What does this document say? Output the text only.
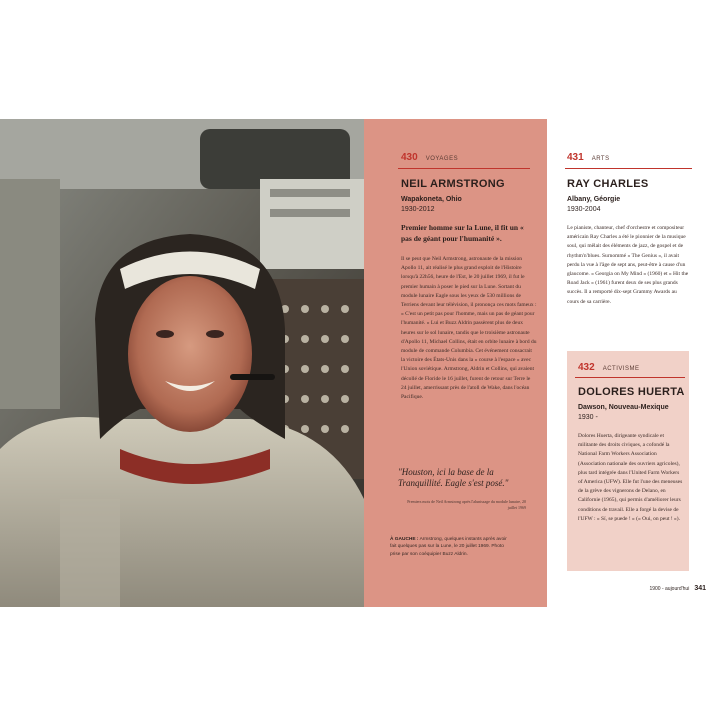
430 VOYAGES
NEIL ARMSTRONG
Wapakoneta, Ohio
1930-2012
Premier homme sur la Lune, il fit un « pas de géant pour l'humanité ».

Il se peut que Neil Armstrong, astronaute de la mission Apollo 11, ait réalisé le plus grand exploit de l'Histoire lorsqu'à 22h56, heure de l'Est, le 20 juillet 1969, il fut le premier humain à poser le pied sur la Lune. Sortant du module lunaire Eagle sous les yeux de 530 millions de Terriens devant leur télévision, il prononça ces mots fameux : « C'est un petit pas pour l'homme, mais un pas de géant pour l'humanité. » Lui et Buzz Aldrin passèrent plus de deux heures sur le sol lunaire, tandis que le troisième astronaute d'Apollo 11, Michael Collins, était en orbite lunaire à bord du module de commande Columbia. Cet événement consacrait la victoire des États-Unis dans la « course à l'espace » avec l'Union soviétique. Armstrong, Aldrin et Collins, qui avaient décollé de Floride le 16 juillet, furent de retour sur Terre le 24 juillet, amerrissant près de l'atoll de Wake, dans l'océan Pacifique.

"Houston, ici la base de la Tranquillité. Eagle s'est posé."

Premiers mots de Neil Armstrong après l'alunissage du module lunaire, 20 juillet 1969
À GAUCHE : Armstrong, quelques instants après avoir fait quelques pas sur la Lune, le 20 juillet 1969. Photo prise par son coéquipier Buzz Aldrin.
431 ARTS
RAY CHARLES
Albany, Géorgie
1930-2004

Le pianiste, chanteur, chef d'orchestre et compositeur américain Ray Charles a été le pionnier de la musique soul, qui mêlait des éléments de jazz, de gospel et de rhythm'n'blues. Surnommé « The Genius », il avait perdu la vue à l'âge de sept ans, peut-être à cause d'un glaucome. « Georgia on My Mind » (1960) et « Hit the Road Jack » (1961) furent deux de ses plus grands succès. Il a remporté dix-sept Grammy Awards au cours de sa carrière.

432 ACTIVISME
DOLORES HUERTA
Dawson, Nouveau-Mexique
1930 -

Dolores Huerta, dirigeante syndicale et militante des droits civiques, a cofondé la National Farm Workers Association (Association nationale des ouvriers agricoles), plus tard intégrée dans l'United Farm Workers of America (UFW). Elle fut l'une des meneuses de la grève des vignerons de Delano, en Californie (1965), qui permis d'améliorer leurs conditions de travail. Elle a forgé la devise de l'UFW : « Sí, se puede ! » (« Oui, on peut ! »).

1900 - aujourd'hui 341
